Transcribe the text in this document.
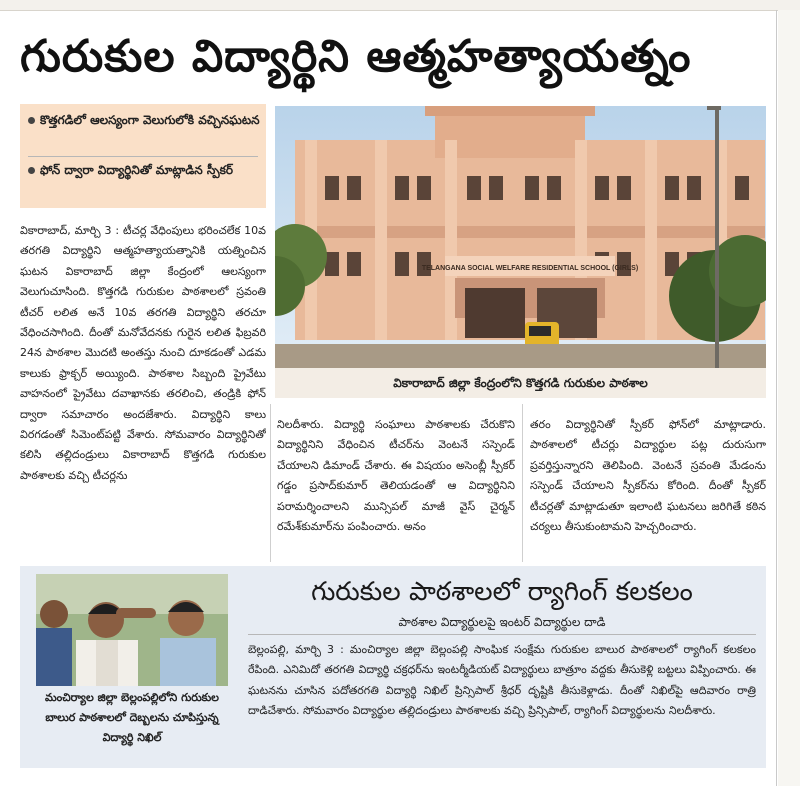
గురుకుల విద్యార్థిని ఆత్మహత్యాయత్నం
కొత్తగడిలో ఆలస్యంగా వెలుగులోకి వచ్చినఘటన
ఫోన్ ద్వారా విద్యార్థినితో మాట్లాడిన స్పీకర్
TELANGANA SOCIAL WELFARE RESIDENTIAL SCHOOL (GIRLS)
వికారాబాద్ జిల్లా కేంద్రంలోని కొత్తగడి గురుకుల పాఠశాల

వికారాబాద్, మార్చి 3 : టీచర్ల వేధింపులు భరించలేక 10వ తరగతి విద్యార్థిని ఆత్మహత్యాయత్నానికి యత్నించిన ఘటన వికారాబాద్ జిల్లా కేంద్రంలో ఆలస్యంగా వెలుగుచూసింది. కొత్తగడి గురుకుల పాఠశాలలో స్రవంతి టీచర్ లలిత అనే 10వ తరగతి విద్యార్థిని తరచూ వేధించసాగింది. దీంతో మనోవేదనకు గురైన లలిత ఫిబ్రవరి 24న పాఠశాల మొదటి అంతస్తు నుంచి దూకడంతో ఎడమ కాలుకు ఫ్రాక్చర్ అయ్యింది. పాఠశాల సిబ్బంది ప్రైవేటు వాహనంలో ప్రైవేటు దవాఖానకు తరలించి, తండ్రికి ఫోన్ ద్వారా సమాచారం అందజేశారు. విద్యార్థిని కాలు విరగడంతో సిమెంట్‌పట్టి వేశారు. సోమవారం విద్యార్థినితో కలిసి తల్లిదండ్రులు వికారాబాద్ కొత్తగడి గురుకుల పాఠశాలకు వచ్చి టీచర్లను

నిలదీశారు. విద్యార్థి సంఘాలు పాఠశాలకు చేరుకొని విద్యార్థినిని వేధించిన టీచర్‌ను వెంటనే సస్పెండ్ చేయాలని డిమాండ్ చేశారు. ఈ విషయం అసెంబ్లీ స్పీకర్ గడ్డం ప్రసాద్‌కుమార్ తెలియడంతో ఆ విద్యార్థినిని పరామర్శించాలని మున్సిపల్ మాజీ వైస్ చైర్మన్ రమేశ్‌కుమార్‌ను పంపించారు. అనం

తరం విద్యార్థినితో స్పీకర్ ఫోన్‌లో మాట్లాడారు. పాఠశాలలో టీచర్లు విద్యార్థుల పట్ల దురుసుగా ప్రవర్తిస్తున్నారని తెలిపింది. వెంటనే స్రవంతి మేడంను సస్పెండ్ చేయాలని స్పీకర్‌ను కోరింది. దీంతో స్పీకర్ టీచర్లతో మాట్లాడుతూ ఇలాంటి ఘటనలు జరిగితే కఠిన చర్యలు తీసుకుంటామని హెచ్చరించారు.

మంచిర్యాల జిల్లా బెల్లంపల్లిలోని గురుకుల బాలుర పాఠశాలలో దెబ్బలను చూపిస్తున్న విద్యార్థి నిఖిల్
గురుకుల పాఠశాలలో ర్యాగింగ్ కలకలం
పాఠశాల విద్యార్థులపై ఇంటర్ విద్యార్థుల దాడి

బెల్లంపల్లి, మార్చి 3 : మంచిర్యాల జిల్లా బెల్లంపల్లి సాంఘిక సంక్షేమ గురుకుల బాలుర పాఠశాలలో ర్యాగింగ్ కలకలం రేపింది. ఎనిమిదో తరగతి విద్యార్థి చక్రధర్‌ను ఇంటర్మీడియట్ విద్యార్థులు బాత్రూం వద్దకు తీసుకెళ్లి బట్టలు విప్పించారు. ఈ ఘటనను చూసిన పదోతరగతి విద్యార్థి నిఖిల్ ప్రిన్సిపాల్ శ్రీధర్ దృష్టికి తీసుకెళ్లాడు. దీంతో నిఖిల్‌పై ఆదివారం రాత్రి దాడిచేశారు. సోమవారం విద్యార్థుల తల్లిదండ్రులు పాఠశాలకు వచ్చి ప్రిన్సిపాల్, ర్యాగింగ్ విద్యార్థులను నిలదీశారు.
